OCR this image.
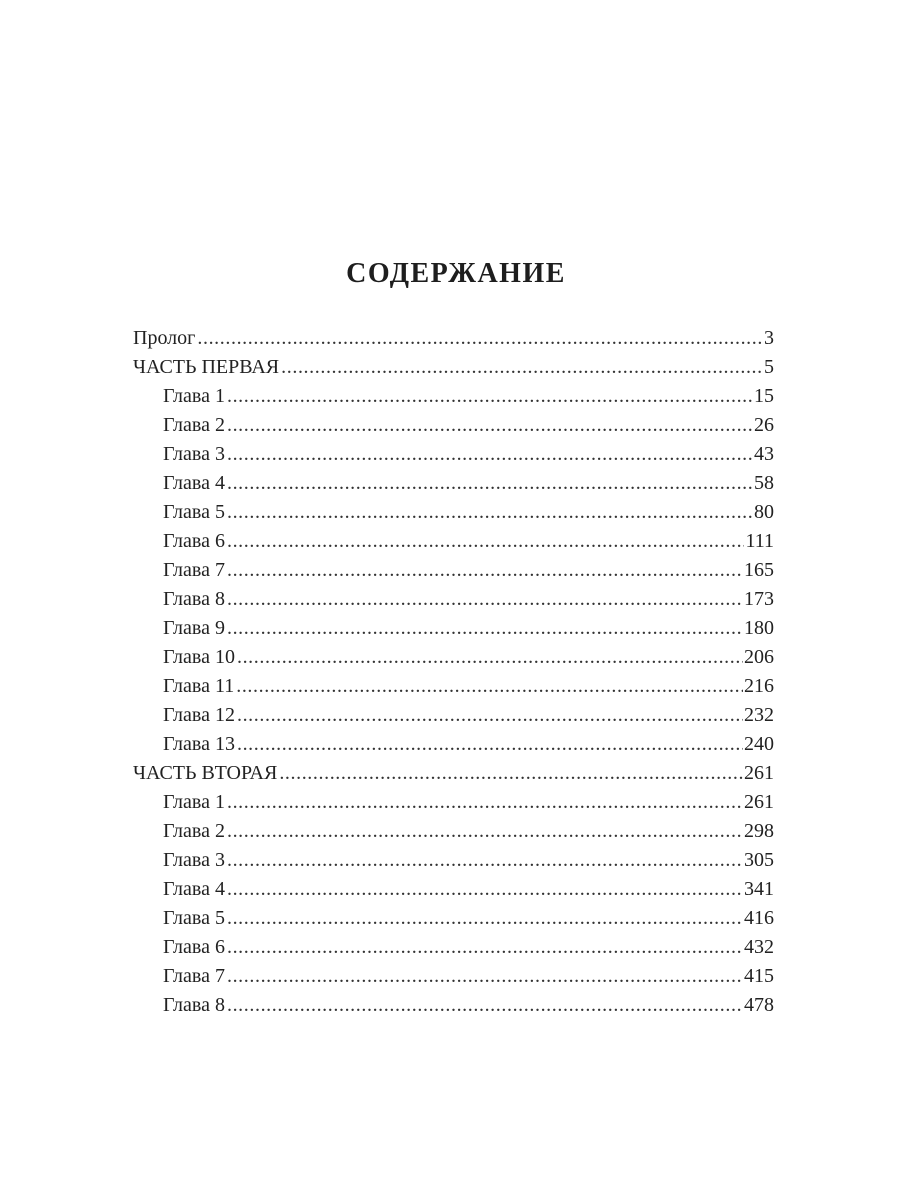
СОДЕРЖАНИЕ
Пролог .....	3
ЧАСТЬ ПЕРВАЯ .....	5
Глава 1 .....	15
Глава 2 .....	26
Глава 3 .....	43
Глава 4 .....	58
Глава 5 .....	80
Глава 6 .....	111
Глава 7 .....	165
Глава 8 .....	173
Глава 9 .....	180
Глава 10 .....	206
Глава 11 .....	216
Глава 12 .....	232
Глава 13 .....	240
ЧАСТЬ ВТОРАЯ .....	261
Глава 1 .....	261
Глава 2 .....	298
Глава 3 .....	305
Глава 4 .....	341
Глава 5 .....	416
Глава 6 .....	432
Глава 7 .....	415
Глава 8 .....	478
